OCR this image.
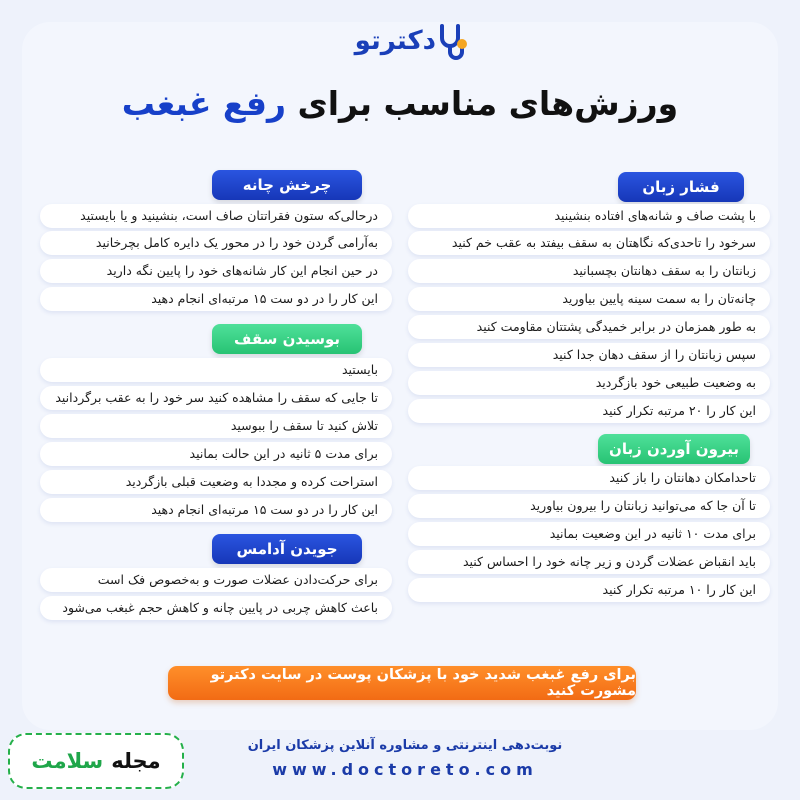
دکترتو
ورزش‌های مناسب برای رفع غبغب
فشار زبان
با پشت صاف و شانه‌های افتاده بنشینید
سرخود را تاحدی‌که نگاهتان به سقف بیفتد به عقب خم کنید
زبانتان را به سقف دهانتان بچسبانید
چانه‌تان را به سمت سینه پایین بیاورید
به طور همزمان در برابر خمیدگی پشتتان مقاومت کنید
سپس زبانتان را از سقف دهان جدا کنید
به وضعیت طبیعی خود بازگردید
این کار را ۲۰ مرتبه تکرار کنید
بیرون آوردن زبان
تاحدامکان دهانتان را باز کنید
تا آن جا که می‌توانید زبانتان را بیرون بیاورید
برای مدت ۱۰ ثانیه در این وضعیت بمانید
باید انقباض عضلات گردن و زیر چانه خود را احساس کنید
این کار را ۱۰ مرتبه تکرار کنید
چرخش چانه
درحالی‌که ستون فقراتتان صاف است، بنشینید و یا بایستید
به‌آرامی گردن خود را در محور یک دایره کامل بچرخانید
در حین انجام این کار شانه‌های خود را پایین نگه دارید
این کار را در دو ست ۱۵ مرتبه‌ای انجام دهید
بوسیدن سقف
بایستید
تا جایی که سقف را مشاهده کنید سر خود را به عقب برگردانید
تلاش کنید تا سقف را ببوسید
برای مدت ۵ ثانیه در این حالت بمانید
استراحت کرده و مجددا به وضعیت قبلی بازگردید
این کار را در دو ست ۱۵ مرتبه‌ای انجام دهید
جویدن آدامس
برای حرکت‌دادن عضلات صورت و به‌خصوص فک است
باعث کاهش چربی در پایین چانه و کاهش حجم غبغب می‌شود
برای رفع غبغب شدید خود با پزشکان پوست در سایت دکترتو مشورت کنید
نوبت‌دهی اینترنتی و مشاوره آنلاین پزشکان ایران
www.doctoreto.com
مجله
سلامت
